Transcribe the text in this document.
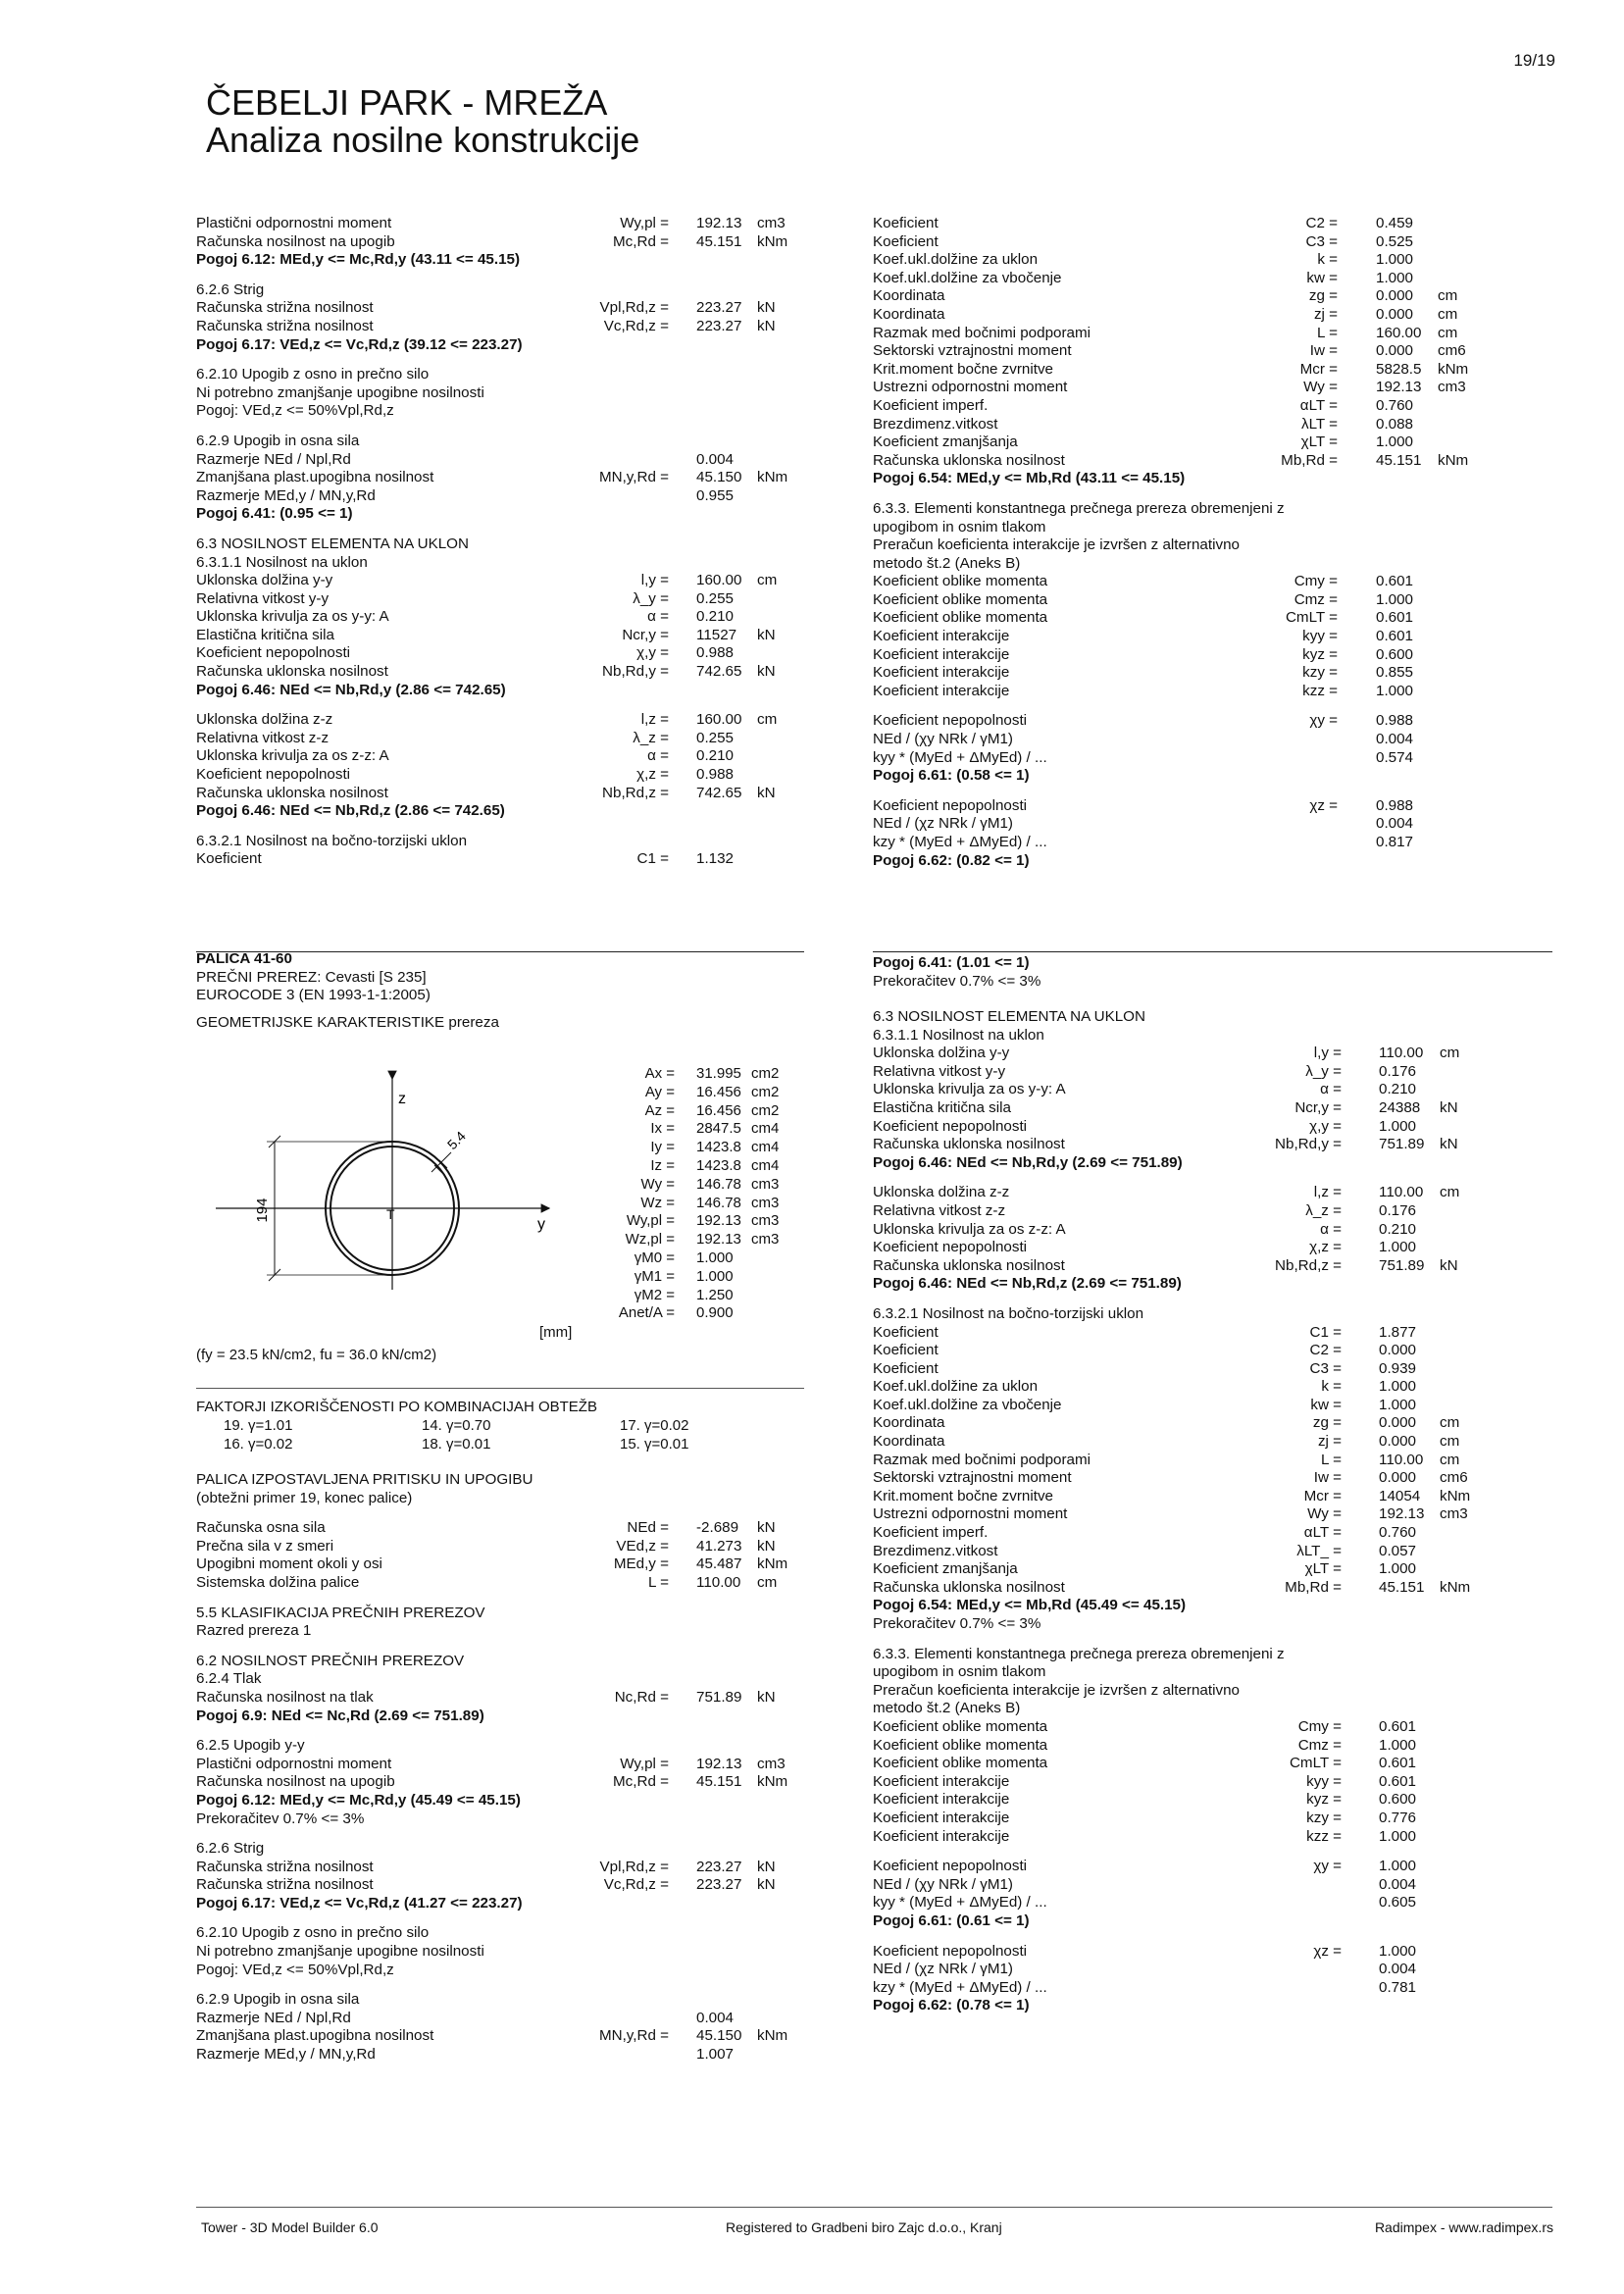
19/19
ČEBELJI PARK - MREŽA
Analiza nosilne konstrukcije
Plastični odpornostni moment	Wy,pl = 192.13 cm3
Računska nosilnost na upogib	Mc,Rd = 45.151 kNm
Pogoj 6.12: MEd,y <= Mc,Rd,y (43.11 <= 45.15)
6.2.6 Strig
Računska strižna nosilnost	Vpl,Rd,z = 223.27 kN
Računska strižna nosilnost	Vc,Rd,z = 223.27 kN
Pogoj 6.17: VEd,z <= Vc,Rd,z (39.12 <= 223.27)
6.2.10 Upogib z osno in prečno silo
Ni potrebno zmanjšanje upogibne nosilnosti
Pogoj: VEd,z <= 50%Vpl,Rd,z
6.2.9 Upogib in osna sila
Razmerje NEd / Npl,Rd	0.004
Zmanjšana plast.upogibna nosilnost	MN,y,Rd = 45.150 kNm
Razmerje MEd,y / MN,y,Rd	0.955
Pogoj 6.41: (0.95 <= 1)
6.3 NOSILNOST ELEMENTA NA UKLON
6.3.1.1 Nosilnost na uklon
Uklonska dolžina y-y	l,y = 160.00 cm
Relativna vitkost y-y	λ_y = 0.255
Uklonska krivulja za os y-y: A	α = 0.210
Elastična kritična sila	Ncr,y = 11527 kN
Koeficient nepopolnosti	χ,y = 0.988
Računska uklonska nosilnost	Nb,Rd,y = 742.65 kN
Pogoj 6.46: NEd <= Nb,Rd,y (2.86 <= 742.65)
Uklonska dolžina z-z	l,z = 160.00 cm
Relativna vitkost z-z	λ_z = 0.255
Uklonska krivulja za os z-z: A	α = 0.210
Koeficient nepopolnosti	χ,z = 0.988
Računska uklonska nosilnost	Nb,Rd,z = 742.65 kN
Pogoj 6.46: NEd <= Nb,Rd,z (2.86 <= 742.65)
6.3.2.1 Nosilnost na bočno-torzijski uklon
Koeficient	C1 = 1.132
Koeficient	C2 =	0.459
Koeficient	C3 =	0.525
Koef.ukl.dolžine za uklon	k =	1.000
Koef.ukl.dolžine za vbočenje	kw =	1.000
Koordinata	zg =	0.000 cm
Koordinata	zj =	0.000 cm
Razmak med bočnimi podporami	L =	160.00 cm
Sektorski vztrajnostni moment	Iw =	0.000 cm6
Krit.moment bočne zvrnitve	Mcr =	5828.5 kNm
Ustrezni odpornostni moment	Wy =	192.13 cm3
Koeficient imperf.	αLT =	0.760
Brezdimenz.vitkost	λLT =	0.088
Koeficient zmanjšanja	χLT =	1.000
Računska uklonska nosilnost	Mb,Rd =	45.151 kNm
Pogoj 6.54: MEd,y <= Mb,Rd (43.11 <= 45.15)
6.3.3. Elementi konstantnega prečnega prereza obremenjeni z
upogibom in osnim tlakom
Preračun koeficienta interakcije je izvršen z alternativno
metodo št.2 (Aneks B)
Koeficient oblike momenta	Cmy =	0.601
Koeficient oblike momenta	Cmz =	1.000
Koeficient oblike momenta	CmLT =	0.601
Koeficient interakcije	kyy =	0.601
Koeficient interakcije	kyz =	0.600
Koeficient interakcije	kzy =	0.855
Koeficient interakcije	kzz =	1.000
Koeficient nepopolnosti	χy =	0.988
NEd / (χy NRk / γM1)	0.004
kyy * (MyEd + ΔMyEd) / ...	0.574
Pogoj 6.61: (0.58 <= 1)
Koeficient nepopolnosti	χz =	0.988
NEd / (χz NRk / γM1)	0.004
kzy * (MyEd + ΔMyEd) / ...	0.817
Pogoj 6.62: (0.82 <= 1)
PALICA 41-60
PREČNI PREREZ: Cevasti [S 235]
EUROCODE 3 (EN 1993-1-1:2005)
GEOMETRIJSKE KARAKTERISTIKE prereza
5.4
194
z
y
T
[mm]
(fy = 23.5 kN/cm2, fu = 36.0 kN/cm2)
Ax = 31.995 cm2
Ay = 16.456 cm2
Az = 16.456 cm2
Ix = 2847.5 cm4
Iy = 1423.8 cm4
Iz = 1423.8 cm4
Wy = 146.78 cm3
Wz = 146.78 cm3
Wy,pl = 192.13 cm3
Wz,pl = 192.13 cm3
γM0 = 1.000
γM1 = 1.000
γM2 = 1.250
Anet/A = 0.900
FAKTORJI IZKORIŠČENOSTI PO KOMBINACIJAH OBTEŽB
19. γ=1.01	14. γ=0.70	17. γ=0.02
16. γ=0.02	18. γ=0.01	15. γ=0.01
PALICA IZPOSTAVLJENA PRITISKU IN UPOGIBU
(obtežni primer 19, konec palice)
Računska osna sila	NEd = -2.689 kN
Prečna sila v z smeri	VEd,z = 41.273 kN
Upogibni moment okoli y osi	MEd,y = 45.487 kNm
Sistemska dolžina palice	L = 110.00 cm
5.5 KLASIFIKACIJA PREČNIH PREREZOV
Razred prereza 1
6.2 NOSILNOST PREČNIH PREREZOV
6.2.4 Tlak
Računska nosilnost na tlak	Nc,Rd = 751.89 kN
Pogoj 6.9: NEd <= Nc,Rd (2.69 <= 751.89)
6.2.5 Upogib y-y
Plastični odpornostni moment	Wy,pl = 192.13 cm3
Računska nosilnost na upogib	Mc,Rd = 45.151 kNm
Pogoj 6.12: MEd,y <= Mc,Rd,y (45.49 <= 45.15)
Prekoračitev 0.7% <= 3%
6.2.6 Strig
Računska strižna nosilnost	Vpl,Rd,z = 223.27 kN
Računska strižna nosilnost	Vc,Rd,z = 223.27 kN
Pogoj 6.17: VEd,z <= Vc,Rd,z (41.27 <= 223.27)
6.2.10 Upogib z osno in prečno silo
Ni potrebno zmanjšanje upogibne nosilnosti
Pogoj: VEd,z <= 50%Vpl,Rd,z
6.2.9 Upogib in osna sila
Razmerje NEd / Npl,Rd	0.004
Zmanjšana plast.upogibna nosilnost	MN,y,Rd = 45.150 kNm
Razmerje MEd,y / MN,y,Rd	1.007
Pogoj 6.41: (1.01 <= 1)
Prekoračitev 0.7% <= 3%
6.3 NOSILNOST ELEMENTA NA UKLON
6.3.1.1 Nosilnost na uklon
Uklonska dolžina y-y	l,y =	110.00 cm
Relativna vitkost y-y	λ_y =	0.176
Uklonska krivulja za os y-y: A	α =	0.210
Elastična kritična sila	Ncr,y =	24388 kN
Koeficient nepopolnosti	χ,y =	1.000
Računska uklonska nosilnost	Nb,Rd,y =	751.89 kN
Pogoj 6.46: NEd <= Nb,Rd,y (2.69 <= 751.89)
Uklonska dolžina z-z	l,z =	110.00 cm
Relativna vitkost z-z	λ_z =	0.176
Uklonska krivulja za os z-z: A	α =	0.210
Koeficient nepopolnosti	χ,z =	1.000
Računska uklonska nosilnost	Nb,Rd,z =	751.89 kN
Pogoj 6.46: NEd <= Nb,Rd,z (2.69 <= 751.89)
6.3.2.1 Nosilnost na bočno-torzijski uklon
Koeficient	C1 =	1.877
Koeficient	C2 =	0.000
Koeficient	C3 =	0.939
Koef.ukl.dolžine za uklon	k =	1.000
Koef.ukl.dolžine za vbočenje	kw =	1.000
Koordinata	zg =	0.000 cm
Koordinata	zj =	0.000 cm
Razmak med bočnimi podporami	L =	110.00 cm
Sektorski vztrajnostni moment	Iw =	0.000 cm6
Krit.moment bočne zvrnitve	Mcr =	14054 kNm
Ustrezni odpornostni moment	Wy =	192.13 cm3
Koeficient imperf.	αLT =	0.760
Brezdimenz.vitkost	λLT_ =	0.057
Koeficient zmanjšanja	χLT =	1.000
Računska uklonska nosilnost	Mb,Rd =	45.151 kNm
Pogoj 6.54: MEd,y <= Mb,Rd (45.49 <= 45.15)
Prekoračitev 0.7% <= 3%
6.3.3. Elementi konstantnega prečnega prereza obremenjeni z
upogibom in osnim tlakom
Preračun koeficienta interakcije je izvršen z alternativno
metodo št.2 (Aneks B)
Koeficient oblike momenta	Cmy =	0.601
Koeficient oblike momenta	Cmz =	1.000
Koeficient oblike momenta	CmLT =	0.601
Koeficient interakcije	kyy =	0.601
Koeficient interakcije	kyz =	0.600
Koeficient interakcije	kzy =	0.776
Koeficient interakcije	kzz =	1.000
Koeficient nepopolnosti	χy =	1.000
NEd / (χy NRk / γM1)	0.004
kyy * (MyEd + ΔMyEd) / ...	0.605
Pogoj 6.61: (0.61 <= 1)
Koeficient nepopolnosti	χz =	1.000
NEd / (χz NRk / γM1)	0.004
kzy * (MyEd + ΔMyEd) / ...	0.781
Pogoj 6.62: (0.78 <= 1)
Tower - 3D Model Builder 6.0	Registered to Gradbeni biro Zajc d.o.o., Kranj	Radimpex - www.radimpex.rs
